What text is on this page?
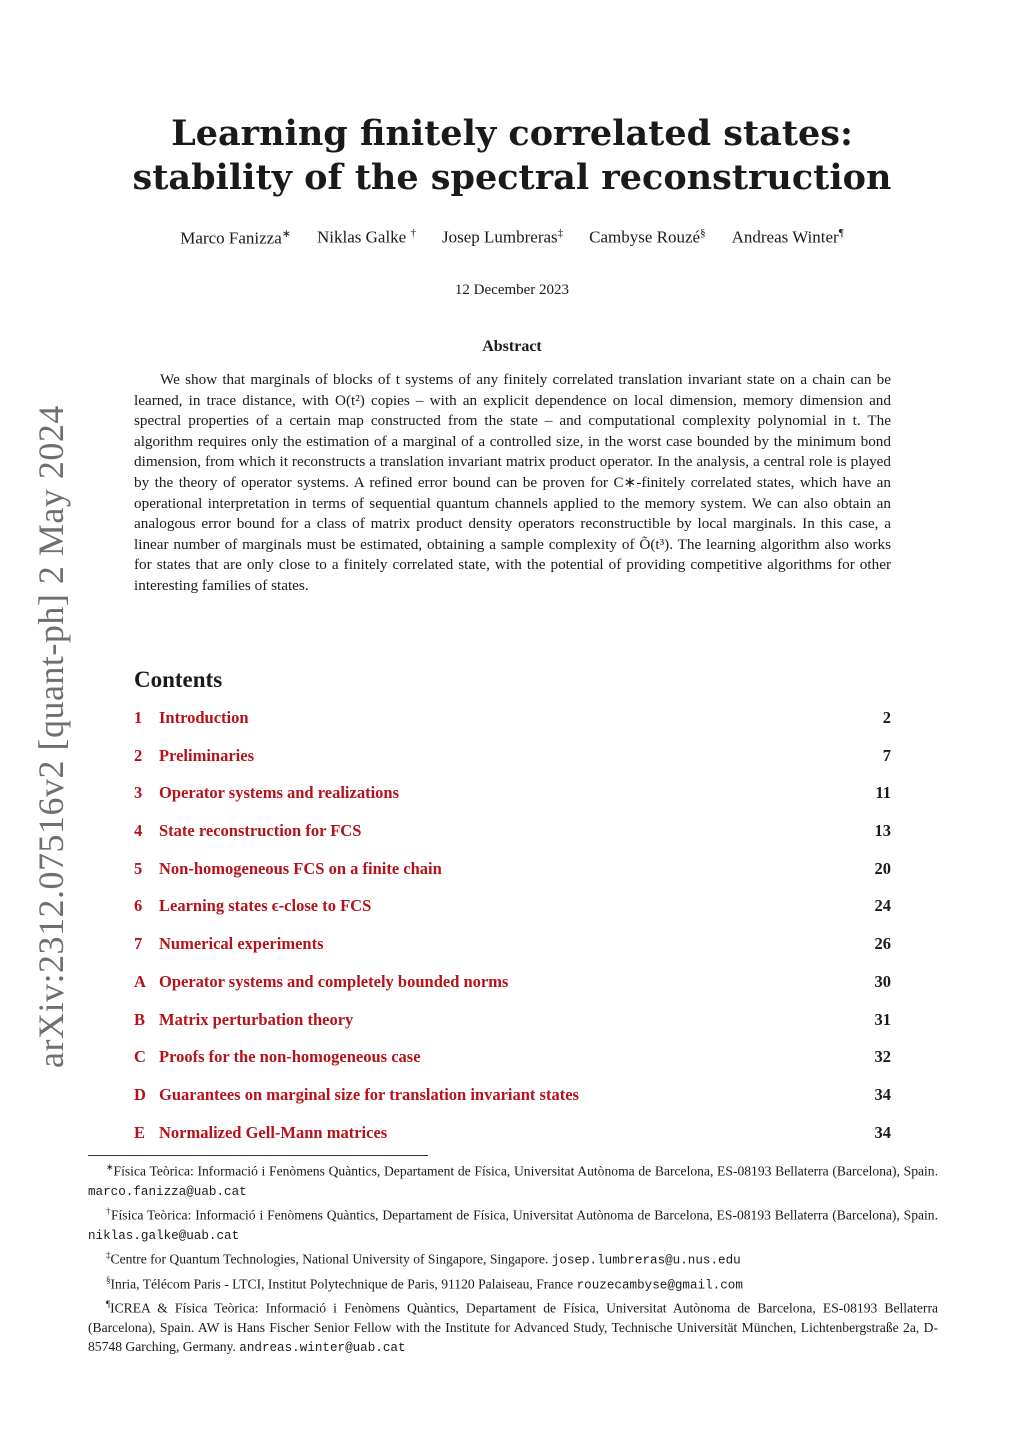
arXiv:2312.07516v2 [quant-ph] 2 May 2024
Learning finitely correlated states:
stability of the spectral reconstruction
Marco Fanizza∗ Niklas Galke † Josep Lumbreras‡ Cambyse Rouzé§ Andreas Winter¶
12 December 2023
Abstract

We show that marginals of blocks of t systems of any finitely correlated translation invariant state on a chain can be learned, in trace distance, with O(t²) copies – with an explicit dependence on local dimension, memory dimension and spectral properties of a certain map constructed from the state – and computational complexity polynomial in t. The algorithm requires only the estimation of a marginal of a controlled size, in the worst case bounded by the minimum bond dimension, from which it reconstructs a translation invariant matrix product operator. In the analysis, a central role is played by the theory of operator systems. A refined error bound can be proven for C∗-finitely correlated states, which have an operational interpretation in terms of sequential quantum channels applied to the memory system. We can also obtain an analogous error bound for a class of matrix product density operators reconstructible by local marginals. In this case, a linear number of marginals must be estimated, obtaining a sample complexity of Õ(t³). The learning algorithm also works for states that are only close to a finitely correlated state, with the potential of providing competitive algorithms for other interesting families of states.

Contents
1	Introduction	2
2	Preliminaries	7
3	Operator systems and realizations	11
4	State reconstruction for FCS	13
5	Non-homogeneous FCS on a finite chain	20
6	Learning states ϵ-close to FCS	24
7	Numerical experiments	26
A Operator systems and completely bounded norms	30
B Matrix perturbation theory	31
C Proofs for the non-homogeneous case	32
D Guarantees on marginal size for translation invariant states	34
E Normalized Gell-Mann matrices	34

∗Física Teòrica: Informació i Fenòmens Quàntics, Departament de Física, Universitat Autònoma de Barcelona, ES-08193 Bellaterra (Barcelona), Spain. marco.fanizza@uab.cat

†Física Teòrica: Informació i Fenòmens Quàntics, Departament de Física, Universitat Autònoma de Barcelona, ES-08193 Bellaterra (Barcelona), Spain. niklas.galke@uab.cat

‡Centre for Quantum Technologies, National University of Singapore, Singapore. josep.lumbreras@u.nus.edu

§Inria, Télécom Paris - LTCI, Institut Polytechnique de Paris, 91120 Palaiseau, France rouzecambyse@gmail.com

¶ICREA & Física Teòrica: Informació i Fenòmens Quàntics, Departament de Física, Universitat Autònoma de Barcelona, ES-08193 Bellaterra (Barcelona), Spain. AW is Hans Fischer Senior Fellow with the Institute for Advanced Study, Technische Universität München, Lichtenbergstraße 2a, D-85748 Garching, Germany. andreas.winter@uab.cat
